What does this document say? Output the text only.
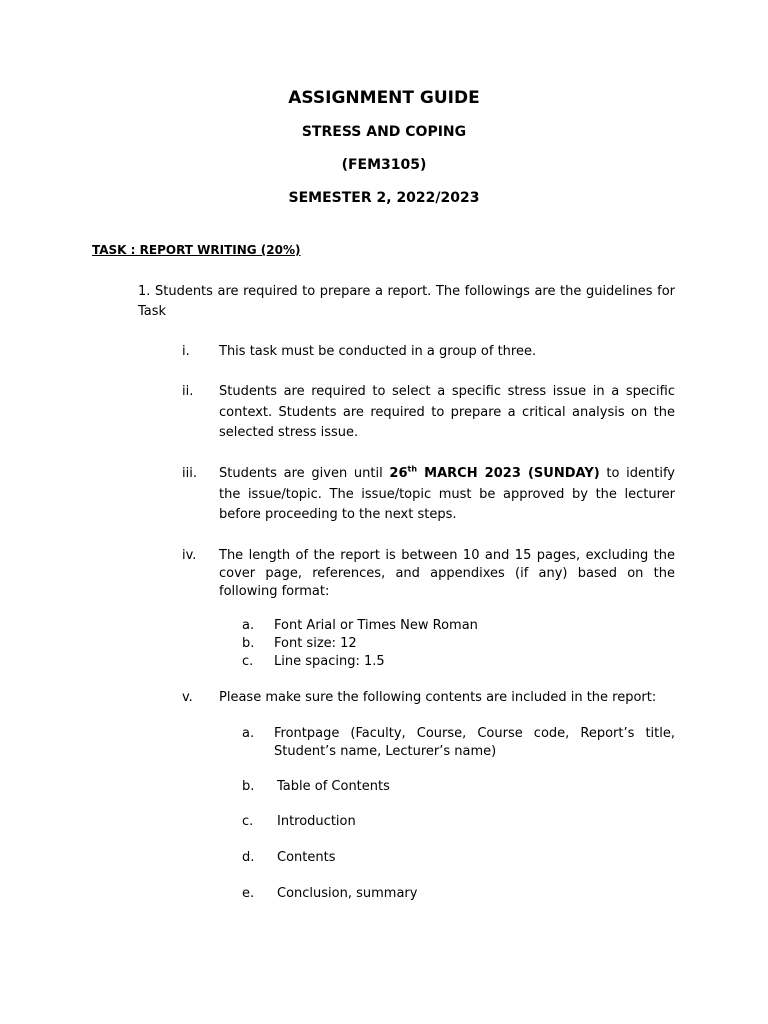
ASSIGNMENT GUIDE
STRESS AND COPING
(FEM3105)
SEMESTER 2, 2022/2023
TASK : REPORT WRITING (20%)
1. Students are required to prepare a report. The followings are the guidelines for Task
i. This task must be conducted in a group of three.
ii. Students are required to select a specific stress issue in a specific context. Students are required to prepare a critical analysis on the selected stress issue.
iii. Students are given until 26th MARCH 2023 (SUNDAY) to identify the issue/topic. The issue/topic must be approved by the lecturer before proceeding to the next steps.
iv. The length of the report is between 10 and 15 pages, excluding the cover page, references, and appendixes (if any) based on the following format:
a. Font Arial or Times New Roman
b. Font size: 12
c. Line spacing: 1.5
v. Please make sure the following contents are included in the report:
a. Frontpage (Faculty, Course, Course code, Report’s title, Student’s name, Lecturer’s name)
b. Table of Contents
c. Introduction
d. Contents
e. Conclusion, summary
